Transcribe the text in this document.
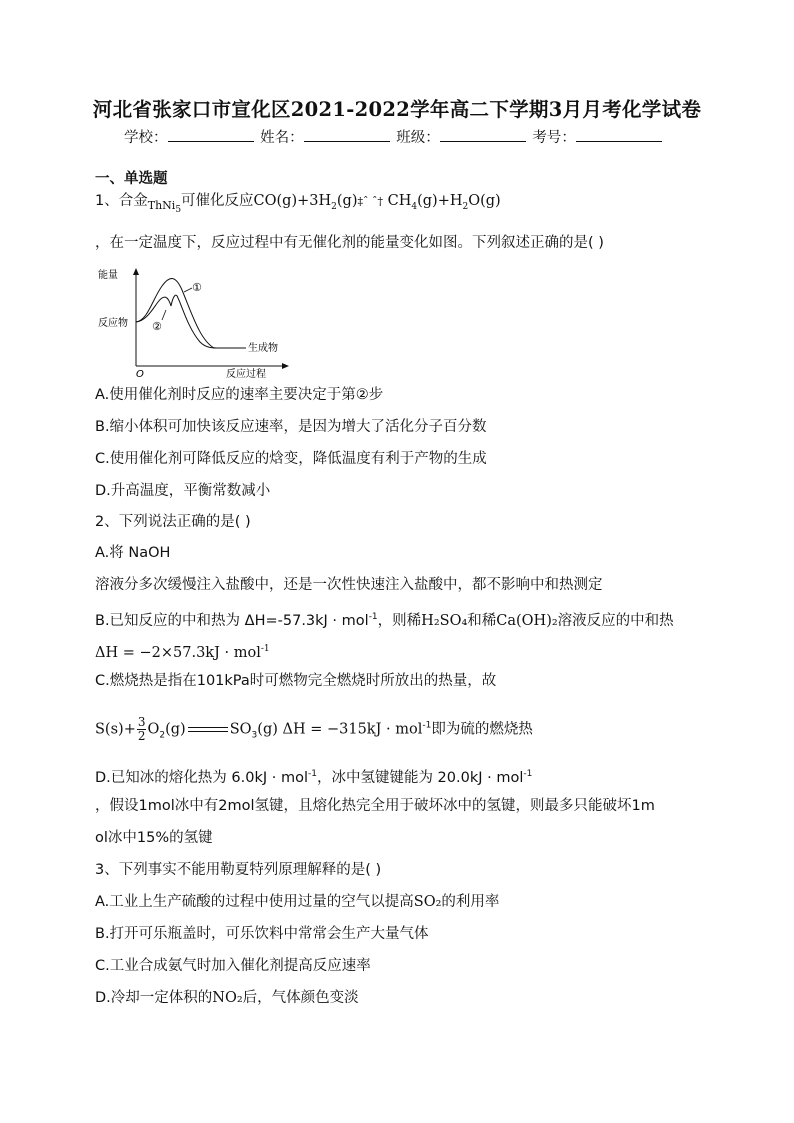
河北省张家口市宣化区2021-2022学年高二下学期3月月考化学试卷
学校：	姓名：	班级：	考号：
一、单选题
1、合金$_{ThNi_5}$可催化反应$CO(g)+3H_2(g)\ddagger ˆ$ ˆ† $CH_4(g)+H_2O(g)$
，在一定温度下，反应过程中有无催化剂的能量变化如图。下列叙述正确的是( )
能量
反应物
生成物
O	反应过程
①
②
A.使用催化剂时反应的速率主要决定于第②步
B.缩小体积可加快该反应速率，是因为增大了活化分子百分数
C.使用催化剂可降低反应的焓变，降低温度有利于产物的生成
D.升高温度，平衡常数减小
2、下列说法正确的是( )
A.将 NaOH
溶液分多次缓慢注入盐酸中，还是一次性快速注入盐酸中，都不影响中和热测定
B.已知反应的中和热为 ΔH=-57.3kJ · mol$^{-1}$，则稀H₂SO₄和稀Ca(OH)₂溶液反应的中和热
ΔH = −2×57.3kJ · mol$^{-1}$
C.燃烧热是指在101kPa时可燃物完全燃烧时所放出的热量，故
$S(s)+ \frac{3}{2} O_2(g)$	$SO_3(g) \Delta H = -315kJ \cdot mol^{-1}$即为硫的燃烧热
D.已知冰的熔化热为 6.0kJ · mol$^{-1}$，冰中氢键键能为 20.0kJ · mol$^{-1}$
，假设1mol冰中有2mol氢键，且熔化热完全用于破坏冰中的氢键，则最多只能破坏1m
ol冰中15%的氢键
3、下列事实不能用勒夏特列原理解释的是( )
A.工业上生产硫酸的过程中使用过量的空气以提高SO₂的利用率
B.打开可乐瓶盖时，可乐饮料中常常会生产大量气体
C.工业合成氨气时加入催化剂提高反应速率
D.冷却一定体积的NO₂后，气体颜色变淡
